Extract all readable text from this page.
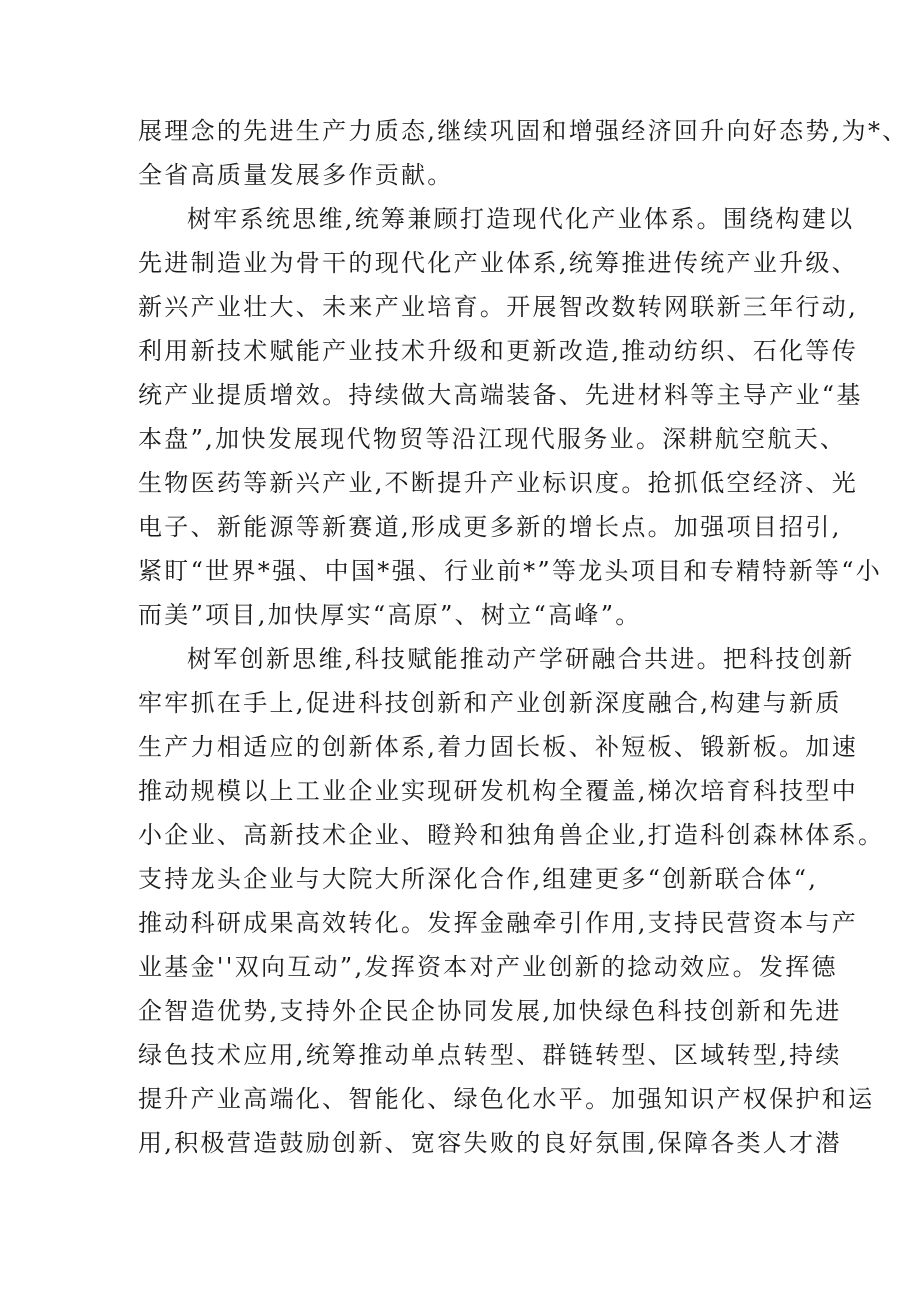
展理念的先进生产力质态,继续巩固和增强经济回升向好态势,为*、
全省高质量发展多作贡献。
树牢系统思维,统筹兼顾打造现代化产业体系。围绕构建以
先进制造业为骨干的现代化产业体系,统筹推进传统产业升级、
新兴产业壮大、未来产业培育。开展智改数转网联新三年行动,
利用新技术赋能产业技术升级和更新改造,推动纺织、石化等传
统产业提质增效。持续做大高端装备、先进材料等主导产业“基
本盘”,加快发展现代物贸等沿江现代服务业。深耕航空航天、
生物医药等新兴产业,不断提升产业标识度。抢抓低空经济、光
电子、新能源等新赛道,形成更多新的增长点。加强项目招引,
紧盯“世界*强、中国*强、行业前*”等龙头项目和专精特新等“小
而美”项目,加快厚实“高原”、树立“高峰”。
树军创新思维,科技赋能推动产学研融合共进。把科技创新
牢牢抓在手上,促进科技创新和产业创新深度融合,构建与新质
生产力相适应的创新体系,着力固长板、补短板、锻新板。加速
推动规模以上工业企业实现研发机构全覆盖,梯次培育科技型中
小企业、高新技术企业、瞪羚和独角兽企业,打造科创森林体系。
支持龙头企业与大院大所深化合作,组建更多“创新联合体“,
推动科研成果高效转化。发挥金融牵引作用,支持民营资本与产
业基金''双向互动”,发挥资本对产业创新的捻动效应。发挥德
企智造优势,支持外企民企协同发展,加快绿色科技创新和先进
绿色技术应用,统筹推动单点转型、群链转型、区域转型,持续
提升产业高端化、智能化、绿色化水平。加强知识产权保护和运
用,积极营造鼓励创新、宽容失败的良好氛围,保障各类人才潜
